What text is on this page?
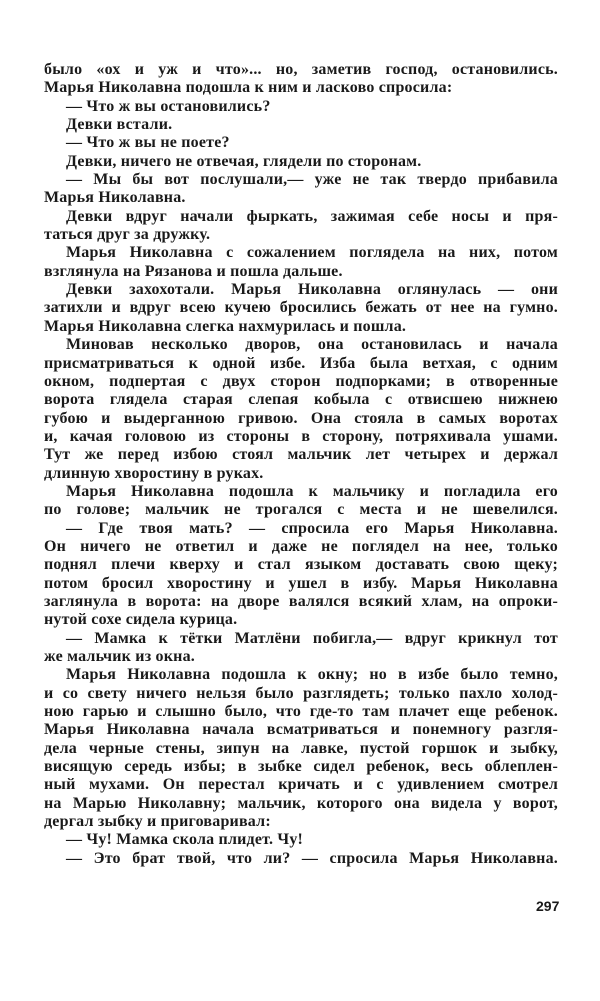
было «ох и уж и что»... но, заметив господ, остановились.
Марья Николавна подошла к ним и ласково спросила:
— Что ж вы остановились?
Девки встали.
— Что ж вы не поете?
Девки, ничего не отвечая, глядели по сторонам.
— Мы бы вот послушали,— уже не так твердо прибавила
Марья Николавна.
Девки вдруг начали фыркать, зажимая себе носы и пря-
таться друг за дружку.
Марья Николавна с сожалением поглядела на них, потом
взглянула на Рязанова и пошла дальше.
Девки захохотали. Марья Николавна оглянулась — они
затихли и вдруг всею кучею бросились бежать от нее на гумно.
Марья Николавна слегка нахмурилась и пошла.
Миновав несколько дворов, она остановилась и начала
присматриваться к одной избе. Изба была ветхая, с одним
окном, подпертая с двух сторон подпорками; в отворенные
ворота глядела старая слепая кобыла с отвисшею нижнею
губою и выдерганною гривою. Она стояла в самых воротах
и, качая головою из стороны в сторону, потряхивала ушами.
Тут же перед избою стоял мальчик лет четырех и держал
длинную хворостину в руках.
Марья Николавна подошла к мальчику и погладила его
по голове; мальчик не трогался с места и не шевелился.
— Где твоя мать? — спросила его Марья Николавна.
Он ничего не ответил и даже не поглядел на нее, только
поднял плечи кверху и стал языком доставать свою щеку;
потом бросил хворостину и ушел в избу. Марья Николавна
заглянула в ворота: на дворе валялся всякий хлам, на опроки-
нутой сохе сидела курица.
— Мамка к тётки Матлёни побигла,— вдруг крикнул тот
же мальчик из окна.
Марья Николавна подошла к окну; но в избе было темно,
и со свету ничего нельзя было разглядеть; только пахло холод-
ною гарью и слышно было, что где-то там плачет еще ребенок.
Марья Николавна начала всматриваться и понемногу разгля-
дела черные стены, зипун на лавке, пустой горшок и зыбку,
висящую середь избы; в зыбке сидел ребенок, весь облеплен-
ный мухами. Он перестал кричать и с удивлением смотрел
на Марью Николавну; мальчик, которого она видела у ворот,
дергал зыбку и приговаривал:
— Чу! Мамка скола плидет. Чу!
— Это брат твой, что ли? — спросила Марья Николавна.
297
